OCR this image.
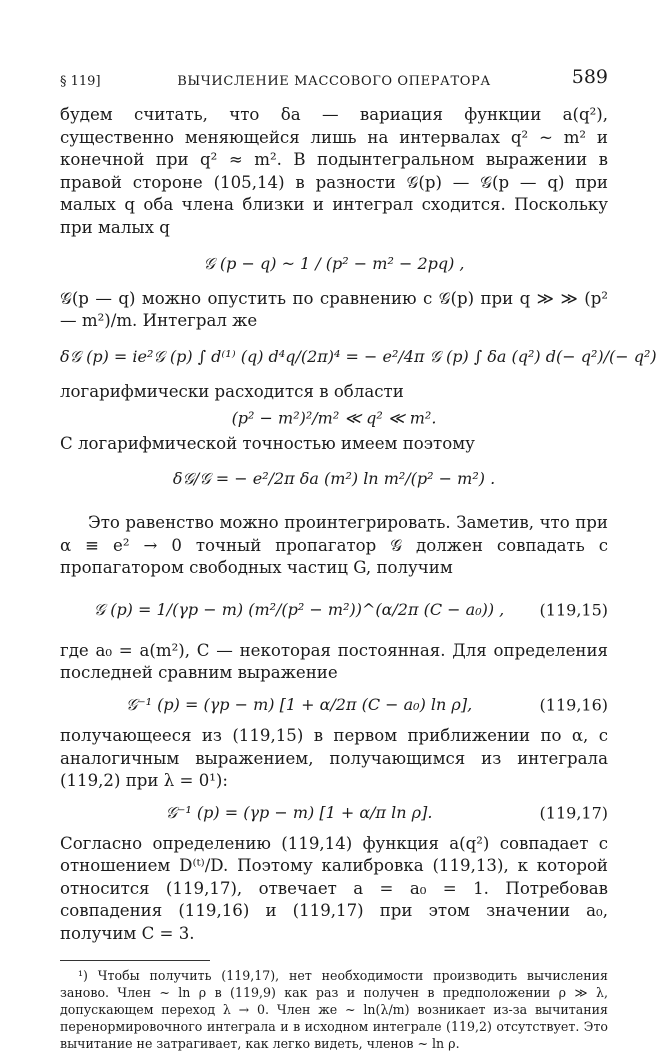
§ 119]	ВЫЧИСЛЕНИЕ МАССОВОГО ОПЕРАТОРА	589

будем считать, что δa — вариация функции a(q²), существенно меняющейся лишь на интервалах q² ~ m² и конечной при q² ≈ m². В подынтегральном выражении в правой стороне (105,14) в разности 𝒢(p) — 𝒢(p — q) при малых q оба члена близки и интеграл сходится. Поскольку при малых q

𝒢 (p − q) ~ 1 / (p² − m² − 2pq) ,

𝒢(p — q) можно опустить по сравнению с 𝒢(p) при q ≫ ≫ (p² — m²)/m. Интеграл же

δ𝒢 (p) = ie²𝒢 (p) ∫ d⁽¹⁾ (q) d⁴q/(2π)⁴ = − e²/4π 𝒢 (p) ∫ δa (q²) d(− q²)/(− q²)

логарифмически расходится в области

(p² − m²)²/m² ≪ q² ≪ m².

С логарифмической точностью имеем поэтому

δ𝒢/𝒢 = − e²/2π δa (m²) ln m²/(p² − m²) .

Это равенство можно проинтегрировать. Заметив, что при α ≡ e² → 0 точный пропагатор 𝒢 должен совпадать с пропагатором свободных частиц G, получим

𝒢 (p) = 1/(γp − m) (m²/(p² − m²))^(α/2π (C − a₀)) ,	(119,15)

где a₀ = a(m²), C — некоторая постоянная. Для определения последней сравним выражение

𝒢⁻¹ (p) = (γp − m) [1 + α/2π (C − a₀) ln ρ],	(119,16)

получающееся из (119,15) в первом приближении по α, с аналогичным выражением, получающимся из интеграла (119,2) при λ = 0¹):

𝒢⁻¹ (p) = (γp − m) [1 + α/π ln ρ].	(119,17)

Согласно определению (119,14) функция a(q²) совпадает с отношением D⁽ᵗ⁾/D. Поэтому калибровка (119,13), к которой относится (119,17), отвечает a = a₀ = 1. Потребовав совпадения (119,16) и (119,17) при этом значении a₀, получим C = 3.

¹) Чтобы получить (119,17), нет необходимости производить вычисления заново. Член ~ ln ρ в (119,9) как раз и получен в предположении ρ ≫ λ, допускающем переход λ → 0. Член же ~ ln(λ/m) возникает из-за вычитания перенормировочного интеграла и в исходном интеграле (119,2) отсутствует. Это вычитание не затрагивает, как легко видеть, членов ~ ln ρ.
